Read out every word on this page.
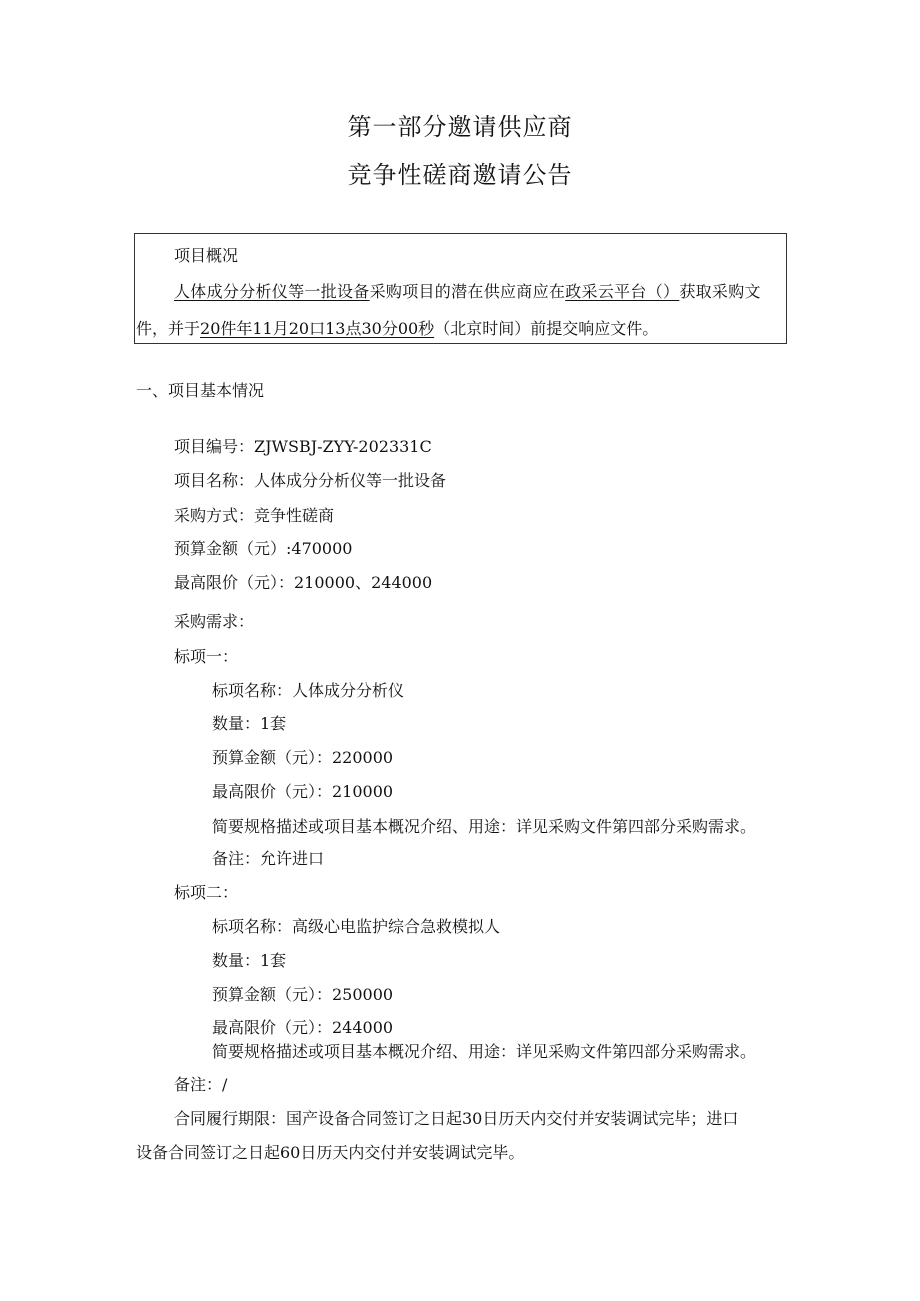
第一部分邀请供应商
竞争性磋商邀请公告
项目概况
人体成分分析仪等一批设备采购项目的潜在供应商应在政采云平台（）获取采购文
件，并于20件年11月20口13点30分00秒（北京时间）前提交响应文件。
一、项目基本情况
项目编号：ZJWSBJ-ZYY-202331C
项目名称：人体成分分析仪等一批设备
采购方式：竞争性磋商
预算金额（元）:470000
最高限价（元）：210000、244000
采购需求：
标项一：
标项名称：人体成分分析仪
数量：1套
预算金额（元）：220000
最高限价（元）：210000
简要规格描述或项目基本概况介绍、用途：详见采购文件第四部分采购需求。
备注：允许进口
标项二：
标项名称：高级心电监护综合急救模拟人
数量：1套
预算金额（元）：250000
最高限价（元）：244000
简要规格描述或项目基本概况介绍、用途：详见采购文件第四部分采购需求。
备注：/
合同履行期限：国产设备合同签订之日起30日历天内交付并安装调试完毕；进口
设备合同签订之日起60日历天内交付并安装调试完毕。
